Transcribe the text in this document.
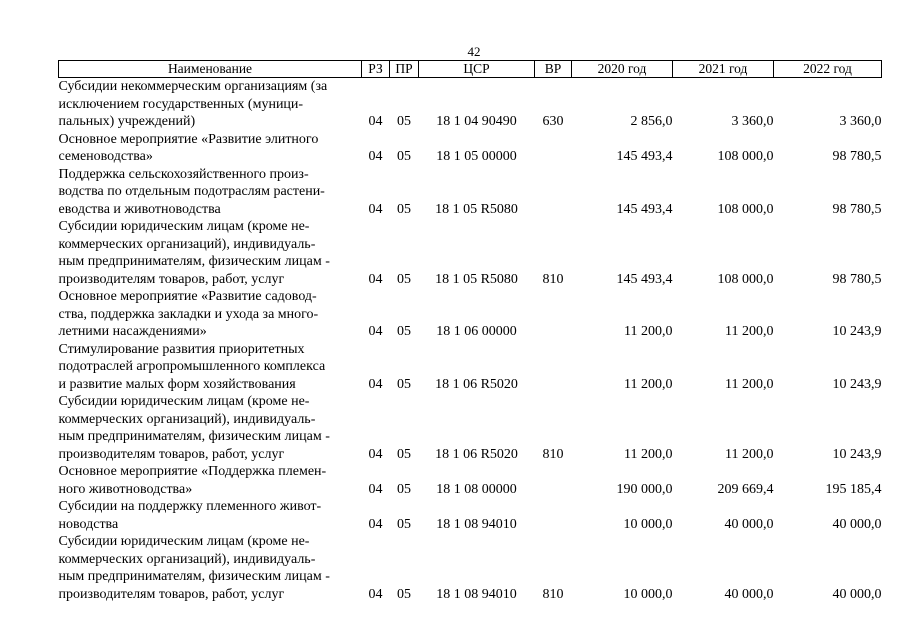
42
Наименование	РЗ	ПР	ЦСР	ВР	2020 год	2021 год	2022 год

Субсидии некоммерческим организациям (за
исключением государственных (муници-
пальных) учреждений)	04	05	18 1 04 90490	630	2 856,0	3 360,0	3 360,0

Основное мероприятие «Развитие элитного
семеноводства»	04	05	18 1 05 00000		145 493,4	108 000,0	98 780,5

Поддержка сельскохозяйственного произ-
водства по отдельным подотраслям растени-
еводства и животноводства	04	05	18 1 05 R5080		145 493,4	108 000,0	98 780,5

Субсидии юридическим лицам (кроме не-
коммерческих организаций), индивидуаль-
ным предпринимателям, физическим лицам -
производителям товаров, работ, услуг	04	05	18 1 05 R5080	810	145 493,4	108 000,0	98 780,5

Основное мероприятие «Развитие садовод-
ства, поддержка закладки и ухода за много-
летними насаждениями»	04	05	18 1 06 00000		11 200,0	11 200,0	10 243,9

Стимулирование развития приоритетных
подотраслей агропромышленного комплекса
и развитие малых форм хозяйствования	04	05	18 1 06 R5020		11 200,0	11 200,0	10 243,9

Субсидии юридическим лицам (кроме не-
коммерческих организаций), индивидуаль-
ным предпринимателям, физическим лицам -
производителям товаров, работ, услуг	04	05	18 1 06 R5020	810	11 200,0	11 200,0	10 243,9

Основное мероприятие «Поддержка племен-
ного животноводства»	04	05	18 1 08 00000		190 000,0	209 669,4	195 185,4

Субсидии на поддержку племенного живот-
новодства	04	05	18 1 08 94010		10 000,0	40 000,0	40 000,0

Субсидии юридическим лицам (кроме не-
коммерческих организаций), индивидуаль-
ным предпринимателям, физическим лицам -
производителям товаров, работ, услуг	04	05	18 1 08 94010	810	10 000,0	40 000,0	40 000,0
